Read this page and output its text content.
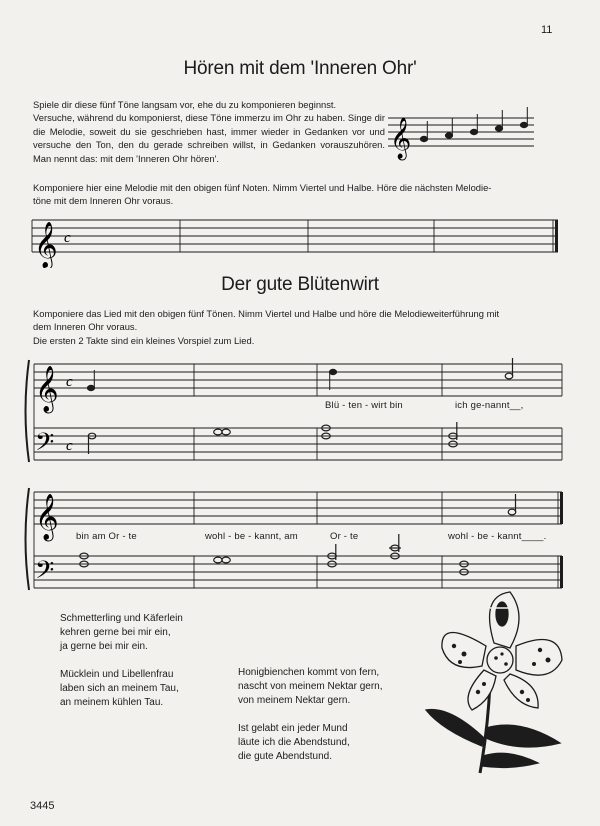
11
3445
Hören mit dem 'Inneren Ohr'
Spiele dir diese fünf Töne langsam vor, ehe du zu komponieren beginnst.
Versuche, während du komponierst, diese Töne immerzu im Ohr zu haben. Singe dir die Melodie, soweit du sie geschrieben hast, immer wieder in Gedanken vor und versuche den Ton, den du gerade schreiben willst, in Gedanken vorauszuhören. Man nennt das: mit dem 'Inneren Ohr hören'.
𝄞
Komponiere hier eine Melodie mit den obigen fünf Noten. Nimm Viertel und Halbe. Höre die nächsten Melodie-
töne mit dem Inneren Ohr voraus.
𝄞 c
Der gute Blütenwirt
Komponiere das Lied mit den obigen fünf Tönen. Nimm Viertel und Halbe und höre die Melodieweiterführung mit
dem Inneren Ohr voraus.
Die ersten 2 Takte sind ein kleines Vorspiel zum Lied.
𝄞
𝄢
c
c
Blü - ten - wirt bin	ich ge-nannt__,
𝄞
𝄢
bin am Or - te	wohl - be - kannt, am	Or - te	wohl - be - kannt____.
Schmetterling und Käferlein
kehren gerne bei mir ein,
ja gerne bei mir ein.
Mücklein und Libellenfrau
laben sich an meinem Tau,
an meinem kühlen Tau.
Honigbienchen kommt von fern,
nascht von meinem Nektar gern,
von meinem Nektar gern.
Ist gelabt ein jeder Mund
läute ich die Abendstund,
die gute Abendstund.
